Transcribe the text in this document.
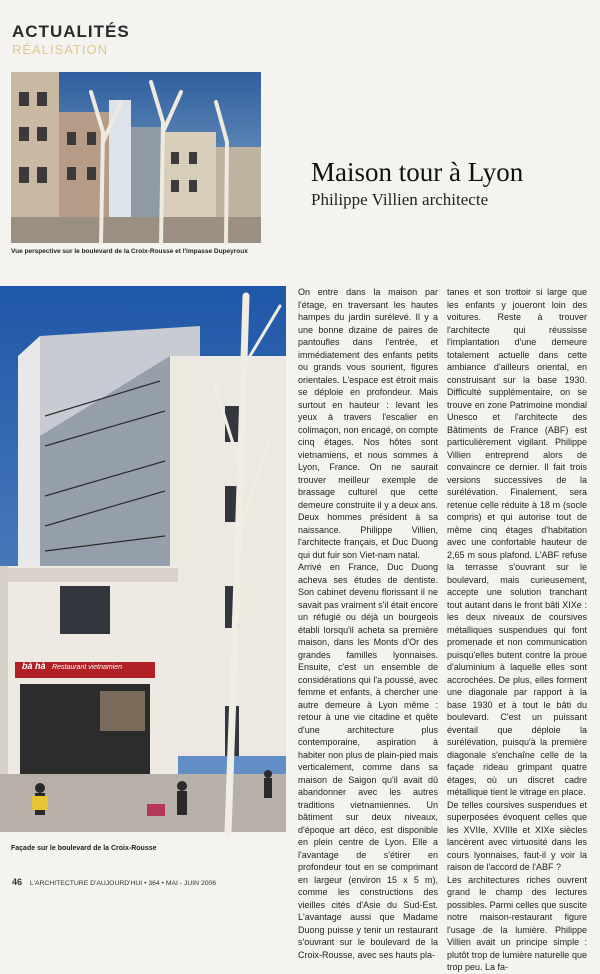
ACTUALITÉS
RÉALISATION
Vue perspective sur le boulevard de la Croix-Rousse et l'impasse Dupeyroux
Maison tour à Lyon
Philippe Villien architecte
bà hà Restaurant vietnamien
Façade sur le boulevard de la Croix-Rousse

On entre dans la maison par l'étage, en traversant les hautes hampes du jardin surélevé. Il y a une bonne dizaine de paires de pantoufles dans l'entrée, et immédiatement des enfants petits ou grands vous sourient, figures orientales. L'espace est étroit mais se déploie en profondeur. Mais surtout en hauteur : levant les yeux à travers l'escalier en colimaçon, non encagé, on compte cinq étages. Nos hôtes sont vietnamiens, et nous sommes à Lyon, France. On ne saurait trouver meilleur exemple de brassage culturel que cette demeure construite il y a deux ans. Deux hommes président à sa naissance. Philippe Villien, l'architecte français, et Duc Duong qui dut fuir son Viet-nam natal.

Arrivé en France, Duc Duong acheva ses études de dentiste. Son cabinet devenu florissant il ne savait pas vraiment s'il était encore un réfugié ou déjà un bourgeois établi lorsqu'il acheta sa première maison, dans les Monts d'Or des grandes familles lyonnaises. Ensuite, c'est un ensemble de considérations qui l'a poussé, avec femme et enfants, à chercher une autre demeure à Lyon même : retour à une vie citadine et quête d'une architecture plus contemporaine, aspiration à habiter non plus de plain-pied mais verticalement, comme dans sa maison de Saigon qu'il avait dû abandonner avec les autres traditions vietnamiennes. Un bâtiment sur deux niveaux, d'époque art déco, est disponible en plein centre de Lyon. Elle a l'avantage de s'étirer en profondeur tout en se comprimant en largeur (environ 15 x 5 m), comme les constructions des vieilles cités d'Asie du Sud-Est. L'avantage aussi que Madame Duong puisse y tenir un restaurant s'ouvrant sur le boulevard de la Croix-Rousse, avec ses hauts pla-

tanes et son trottoir si large que les enfants y joueront loin des voitures. Reste à trouver l'architecte qui réussisse l'implantation d'une demeure totalement actuelle dans cette ambiance d'ailleurs oriental, en construisant sur la base 1930. Difficulté supplémentaire, on se trouve en zone Patrimoine mondial Unesco et l'architecte des Bâtiments de France (ABF) est particulièrement vigilant. Philippe Villien entreprend alors de convaincre ce dernier. Il fait trois versions successives de la surélévation. Finalement, sera retenue celle réduite à 18 m (socle compris) et qui autorise tout de même cinq étages d'habitation avec une confortable hauteur de 2,65 m sous plafond. L'ABF refuse la terrasse s'ouvrant sur le boulevard, mais curieusement, accepte une solution tranchant tout autant dans le front bâti XIXe : les deux niveaux de coursives métalliques suspendues qui font promenade et non communication puisqu'elles butent contre la proue d'aluminium à laquelle elles sont accrochées. De plus, elles forment une diagonale par rapport à la base 1930 et à tout le bâti du boulevard. C'est un puissant éventail que déploie la surélévation, puisqu'à la première diagonale s'enchaîne celle de la façade rideau grimpant quatre étages, où un discret cadre métallique tient le vitrage en place.

De telles coursives suspendues et superposées évoquent celles que les XVIIe, XVIIIe et XIXe siècles lancèrent avec virtuosité dans les cours lyonnaises, faut-il y voir la raison de l'accord de l'ABF ?

Les architectures riches ouvrent grand le champ des lectures possibles. Parmi celles que suscite notre maison-restaurant figure l'usage de la lumière. Philippe Villien avait un principe simple : plutôt trop de lumière naturelle que trop peu. La fa-

46 L'ARCHITECTURE D'AUJOURD'HUI • 364 • MAI - JUIN 2006
